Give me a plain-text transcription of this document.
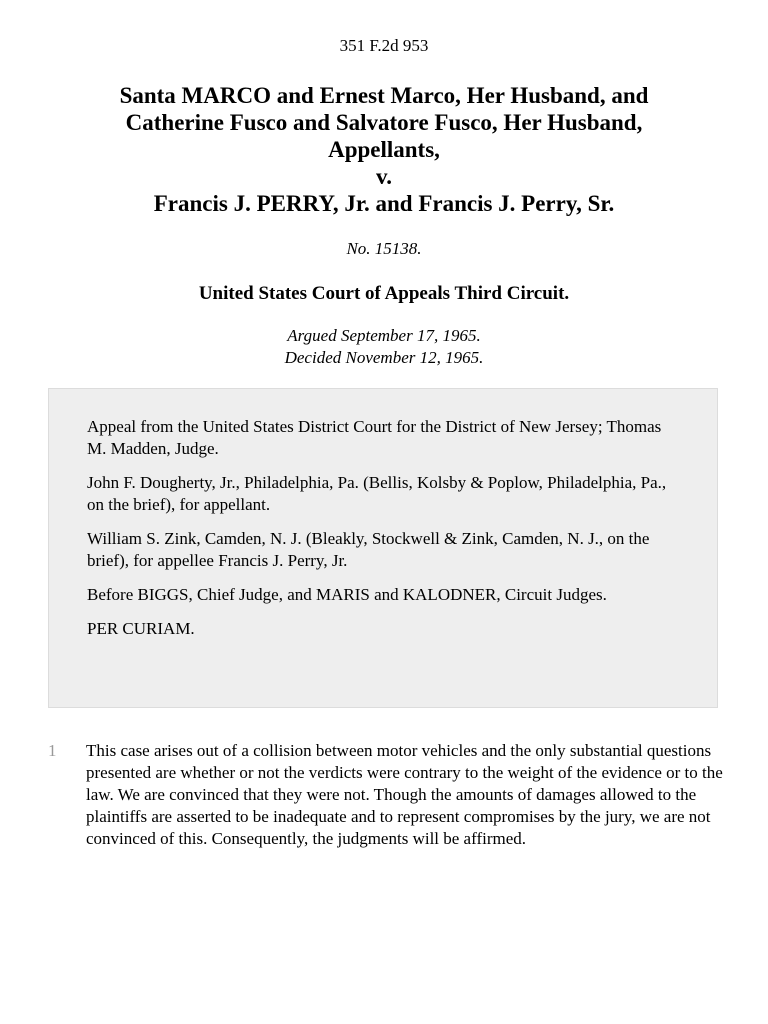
351 F.2d 953
Santa MARCO and Ernest Marco, Her Husband, and
Catherine Fusco and Salvatore Fusco, Her Husband,
Appellants,
v.
Francis J. PERRY, Jr. and Francis J. Perry, Sr.
No. 15138.
United States Court of Appeals Third Circuit.
Argued September 17, 1965.
Decided November 12, 1965.

Appeal from the United States District Court for the District of New Jersey; Thomas M. Madden, Judge.

John F. Dougherty, Jr., Philadelphia, Pa. (Bellis, Kolsby & Poplow, Philadelphia, Pa., on the brief), for appellant.

William S. Zink, Camden, N. J. (Bleakly, Stockwell & Zink, Camden, N. J., on the brief), for appellee Francis J. Perry, Jr.

Before BIGGS, Chief Judge, and MARIS and KALODNER, Circuit Judges.

PER CURIAM.

1 This case arises out of a collision between motor vehicles and the only substantial questions presented are whether or not the verdicts were contrary to the weight of the evidence or to the law. We are convinced that they were not. Though the amounts of damages allowed to the plaintiffs are asserted to be inadequate and to represent compromises by the jury, we are not convinced of this. Consequently, the judgments will be affirmed.
